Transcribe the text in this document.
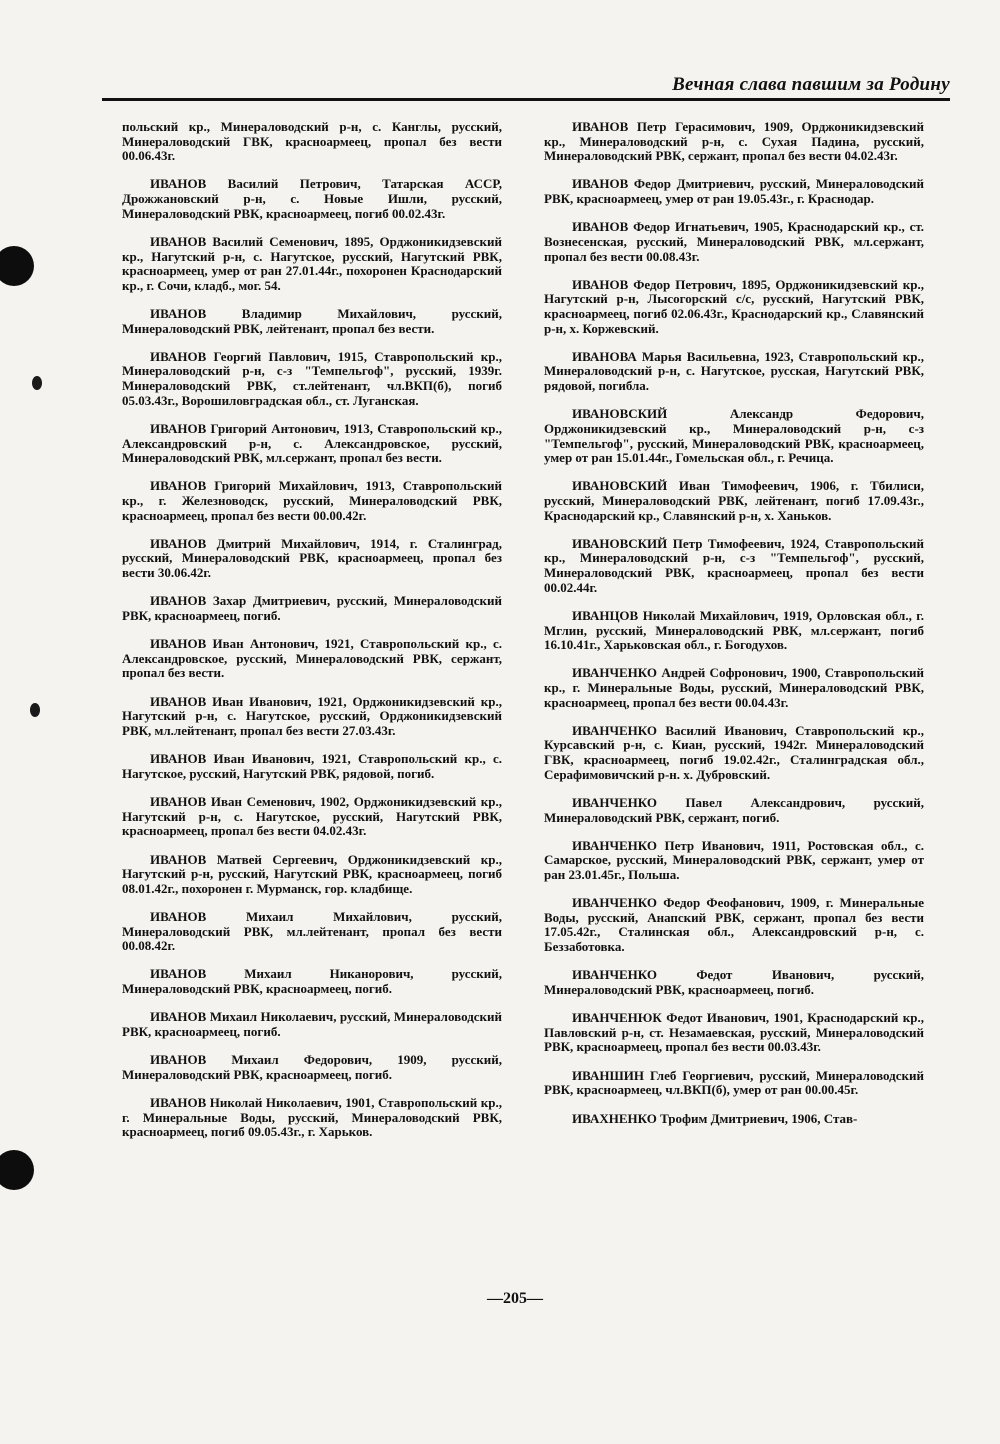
Вечная слава павшим за Родину

польский кр., Минераловодский р-н, с. Канглы, русский, Минераловодский ГВК, красноармеец, пропал без вести 00.06.43г.

ИВАНОВ Василий Петрович, Татарская АССР, Дрожжановский р-н, с. Новые Ишли, русский, Минераловодский РВК, красноармеец, погиб 00.02.43г.

ИВАНОВ Василий Семенович, 1895, Орджоникидзевский кр., Нагутский р-н, с. Нагутское, русский, Нагутский РВК, красноармеец, умер от ран 27.01.44г., похоронен Краснодарский кр., г. Сочи, кладб., мог. 54.

ИВАНОВ	Владимир Михайлович, русский, Минераловодский РВК, лейтенант, пропал без вести.

ИВАНОВ Георгий Павлович, 1915, Ставропольский кр., Минераловодский р-н, с-з "Темпельгоф", русский, 1939г. Минераловодский РВК, ст.лейтенант, чл.ВКП(б), погиб 05.03.43г., Ворошиловградская обл., ст. Луганская.

ИВАНОВ Григорий Антонович, 1913, Ставропольский кр., Александровский р-н, с. Александровское, русский, Минераловодский РВК, мл.сержант, пропал без вести.

ИВАНОВ Григорий Михайлович, 1913, Ставропольский кр., г. Железноводск, русский, Минераловодский РВК, красноармеец, пропал без вести 00.00.42г.

ИВАНОВ Дмитрий Михайлович, 1914, г. Сталинград, русский, Минераловодский РВК, красноармеец, пропал без вести 30.06.42г.

ИВАНОВ Захар Дмитриевич, русский, Минераловодский РВК, красноармеец, погиб.

ИВАНОВ Иван Антонович, 1921, Ставропольский кр., с. Александровское, русский, Минераловодский РВК, сержант, пропал без вести.

ИВАНОВ Иван Иванович, 1921, Орджоникидзевский кр., Нагутский р-н, с. Нагутское, русский, Орджоникидзевский РВК, мл.лейтенант, пропал без вести 27.03.43г.

ИВАНОВ Иван Иванович, 1921, Ставропольский кр., с. Нагутское, русский, Нагутский РВК, рядовой, погиб.

ИВАНОВ Иван Семенович, 1902, Орджоникидзевский кр., Нагутский р-н, с. Нагутское, русский, Нагутский РВК, красноармеец, пропал без вести 04.02.43г.

ИВАНОВ Матвей Сергеевич, Орджоникидзевский кр., Нагутский р-н, русский, Нагутский РВК, красноармеец, погиб 08.01.42г., похоронен г. Мурманск, гор. кладбище.

ИВАНОВ	Михаил Михайлович, русский, Минераловодский РВК, мл.лейтенант, пропал без вести 00.08.42г.

ИВАНОВ	Михаил Никанорович, русский, Минераловодский РВК, красноармеец, погиб.

ИВАНОВ Михаил Николаевич, русский, Минераловодский РВК, красноармеец, погиб.

ИВАНОВ Михаил Федорович, 1909, русский, Минераловодский РВК, красноармеец, погиб.

ИВАНОВ Николай Николаевич, 1901, Ставропольский кр., г. Минеральные Воды, русский, Минераловодский РВК, красноармеец, погиб 09.05.43г., г. Харьков.

ИВАНОВ Петр Герасимович, 1909, Орджоникидзевский кр., Минераловодский р-н, с. Сухая Падина, русский, Минераловодский РВК, сержант, пропал без вести 04.02.43г.

ИВАНОВ Федор Дмитриевич, русский, Минераловодский РВК, красноармеец, умер от ран 19.05.43г., г. Краснодар.

ИВАНОВ Федор Игнатьевич, 1905, Краснодарский кр., ст. Вознесенская, русский, Минераловодский РВК, мл.сержант, пропал без вести 00.08.43г.

ИВАНОВ Федор Петрович, 1895, Орджоникидзевский кр., Нагутский р-н, Лысогорский с/с, русский, Нагутский РВК, красноармеец, погиб 02.06.43г., Краснодарский кр., Славянский р-н, х. Коржевский.

ИВАНОВА Марья Васильевна, 1923, Ставропольский кр., Минераловодский р-н, с. Нагутское, русская, Нагутский РВК, рядовой, погибла.

ИВАНОВСКИЙ	Александр Федорович, Орджоникидзевский кр., Минераловодский р-н, с-з "Темпельгоф", русский, Минераловодский РВК, красноармеец, умер от ран 15.01.44г., Гомельская обл., г. Речица.

ИВАНОВСКИЙ Иван Тимофеевич, 1906, г. Тбилиси, русский, Минераловодский РВК, лейтенант, погиб 17.09.43г., Краснодарский кр., Славянский р-н, х. Ханьков.

ИВАНОВСКИЙ Петр Тимофеевич, 1924, Ставропольский кр., Минераловодский р-н, с-з "Темпельгоф", русский, Минераловодский РВК, красноармеец, пропал без вести 00.02.44г.

ИВАНЦОВ Николай Михайлович, 1919, Орловская обл., г. Мглин, русский, Минераловодский РВК, мл.сержант, погиб 16.10.41г., Харьковская обл., г. Богодухов.

ИВАНЧЕНКО Андрей Софронович, 1900, Ставропольский кр., г. Минеральные Воды, русский, Минераловодский РВК, красноармеец, пропал без вести 00.04.43г.

ИВАНЧЕНКО Василий Иванович, Ставропольский кр., Курсавский р-н, с. Киан, русский, 1942г. Минераловодский ГВК, красноармеец, погиб 19.02.42г., Сталинградская обл., Серафимовичский р-н. х. Дубровский.

ИВАНЧЕНКО Павел Александрович, русский, Минераловодский РВК, сержант, погиб.

ИВАНЧЕНКО Петр Иванович, 1911, Ростовская обл., с. Самарское, русский, Минераловодский РВК, сержант, умер от ран 23.01.45г., Польша.

ИВАНЧЕНКО Федор Феофанович, 1909, г. Минеральные Воды, русский, Анапский РВК, сержант, пропал без вести 17.05.42г., Сталинская обл., Александровский р-н, с. Беззаботовка.

ИВАНЧЕНКО	Федот Иванович, русский, Минераловодский РВК, красноармеец, погиб.

ИВАНЧЕНЮК Федот Иванович, 1901, Краснодарский кр., Павловский р-н, ст. Незамаевская, русский, Минераловодский РВК, красноармеец, пропал без вести 00.03.43г.

ИВАНШИН Глеб Георгиевич, русский, Минераловодский РВК, красноармеец, чл.ВКП(б), умер от ран 00.00.45г.

ИВАХНЕНКО Трофим Дмитриевич, 1906, Став-

—205—
